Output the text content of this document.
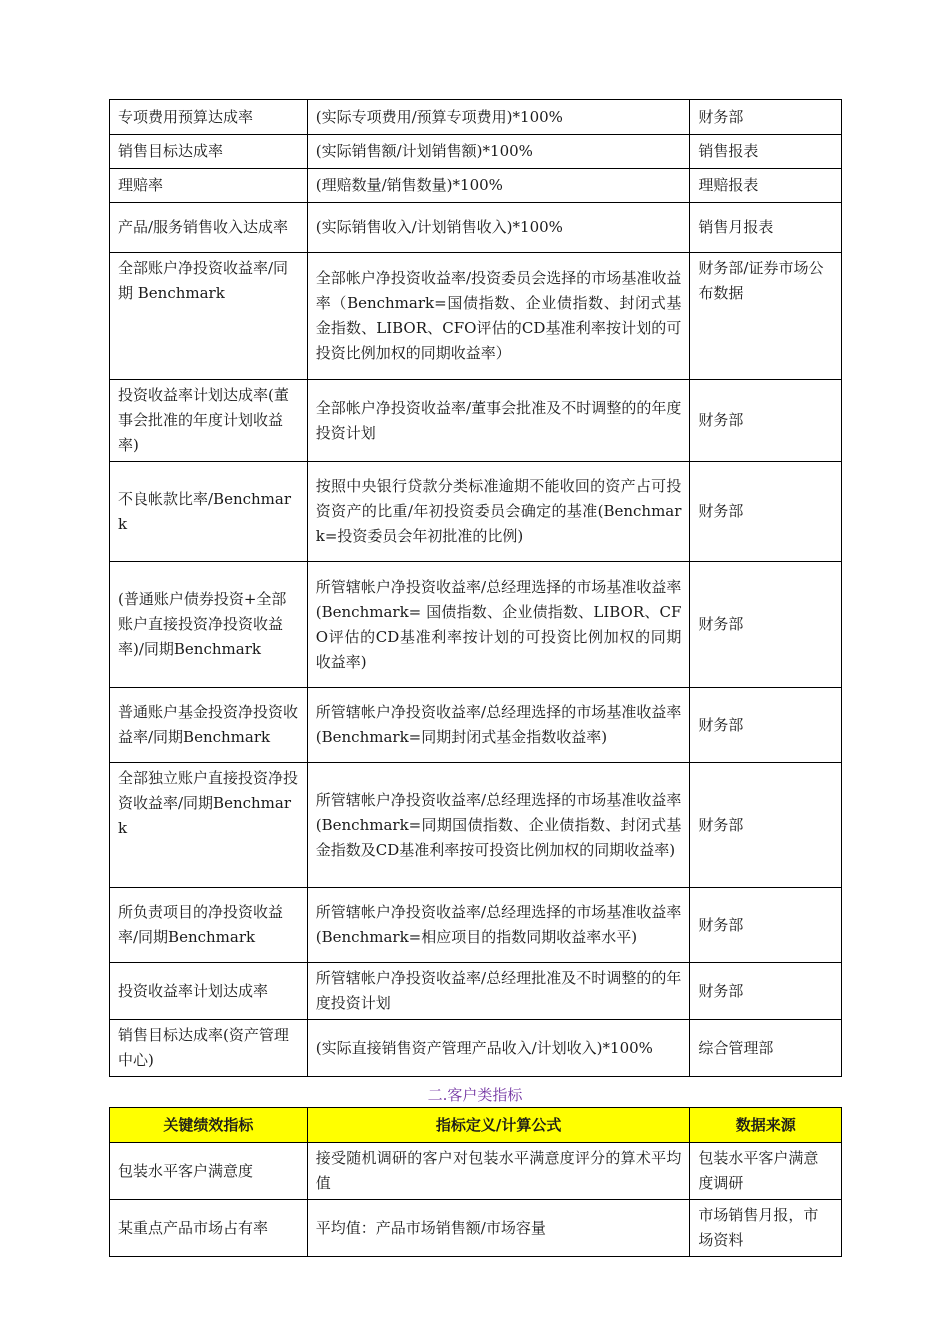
专项费用预算达成率	(实际专项费用/预算专项费用)*100%	财务部
销售目标达成率	(实际销售额/计划销售额)*100%	销售报表
理赔率	(理赔数量/销售数量)*100%	理赔报表
产品/服务销售收入达成率	(实际销售收入/计划销售收入)*100%	销售月报表
全部账户净投资收益率/同期 Benchmark	全部帐户净投资收益率/投资委员会选择的市场基准收益率（Benchmark=国债指数、企业债指数、封闭式基金指数、LIBOR、CFO评估的CD基准利率按计划的可投资比例加权的同期收益率）	财务部/证券市场公布数据
投资收益率计划达成率(董事会批准的年度计划收益率)	全部帐户净投资收益率/董事会批准及不时调整的的年度投资计划	财务部
不良帐款比率/Benchmark	按照中央银行贷款分类标准逾期不能收回的资产占可投资资产的比重/年初投资委员会确定的基准(Benchmark=投资委员会年初批准的比例)	财务部
(普通账户债券投资+全部账户直接投资净投资收益率)/同期Benchmark	所管辖帐户净投资收益率/总经理选择的市场基准收益率(Benchmark= 国债指数、企业债指数、LIBOR、CFO评估的CD基准利率按计划的可投资比例加权的同期收益率)	财务部
普通账户基金投资净投资收益率/同期Benchmark	所管辖帐户净投资收益率/总经理选择的市场基准收益率(Benchmark=同期封闭式基金指数收益率)	财务部
全部独立账户直接投资净投资收益率/同期Benchmark	所管辖帐户净投资收益率/总经理选择的市场基准收益率(Benchmark=同期国债指数、企业债指数、封闭式基金指数及CD基准利率按可投资比例加权的同期收益率)	财务部
所负责项目的净投资收益率/同期Benchmark	所管辖帐户净投资收益率/总经理选择的市场基准收益率(Benchmark=相应项目的指数同期收益率水平)	财务部
投资收益率计划达成率	所管辖帐户净投资收益率/总经理批准及不时调整的的年度投资计划	财务部
销售目标达成率(资产管理中心)	(实际直接销售资产管理产品收入/计划收入)*100%	综合管理部
二.客户类指标
关键绩效指标	指标定义/计算公式	数据来源
包装水平客户满意度	接受随机调研的客户对包装水平满意度评分的算术平均值	包装水平客户满意度调研
某重点产品市场占有率	平均值：产品市场销售额/市场容量	市场销售月报，市场资料
